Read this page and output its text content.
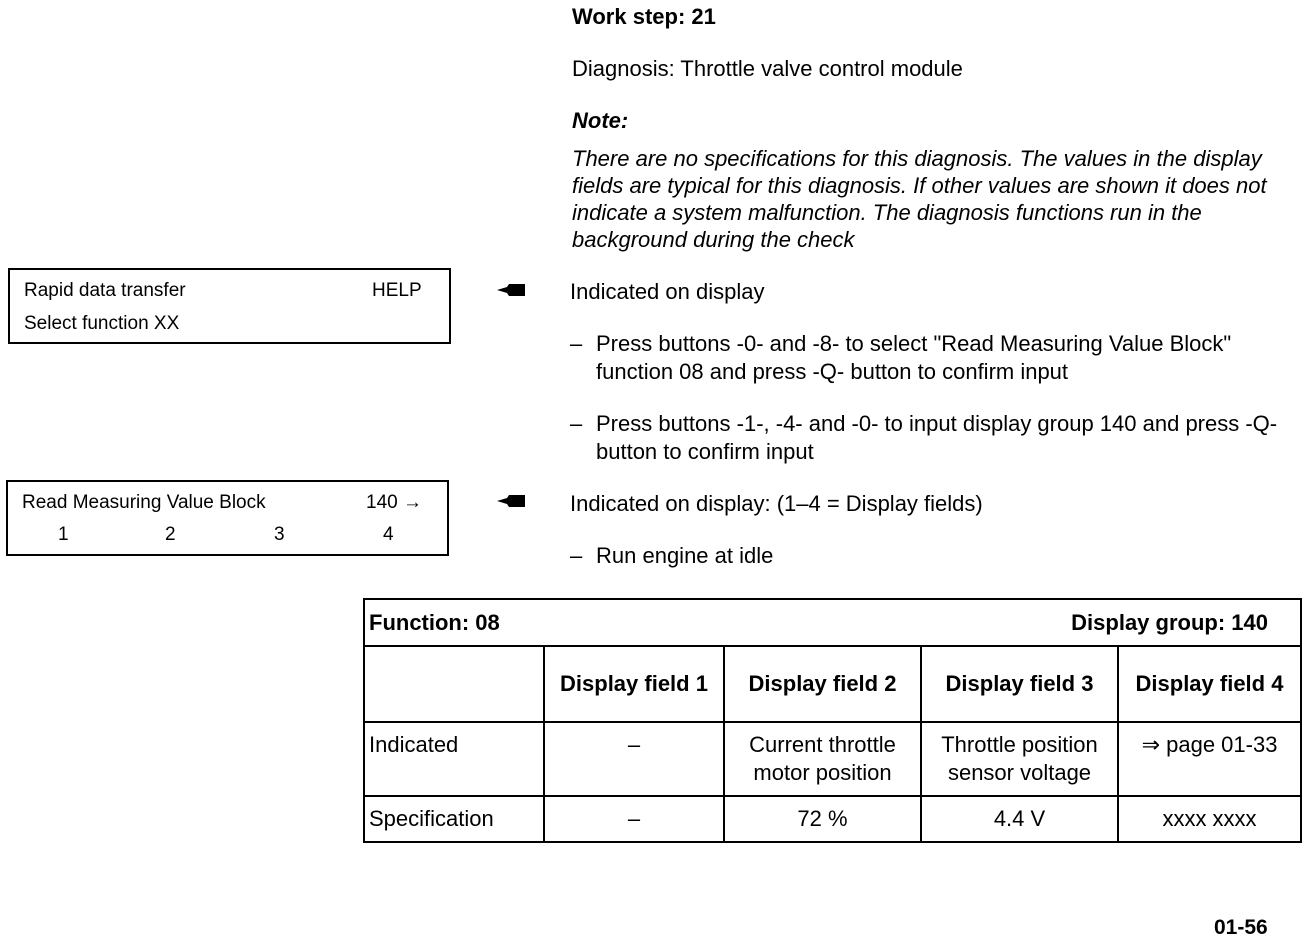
Work step: 21
Diagnosis: Throttle valve control module
Note:
There are no specifications for this diagnosis. The values in the display fields are typical for this diagnosis. If other values are shown it does not indicate a system malfunction. The diagnosis functions run in the background during the check
Rapid data transfer	HELP
Select function XX
Indicated on display
– Press buttons -0- and -8- to select "Read Measuring Value Block" function 08 and press -Q- button to confirm input
– Press buttons -1-, -4- and -0- to input display group 140 and press -Q- button to confirm input
Read Measuring Value Block	140 →
1	2	3	4
Indicated on display: (1–4 = Display fields)
– Run engine at idle
Function: 08 Display group: 140				

	Display field 1	Display field 2	Display field 3	Display field 4
Indicated	–	Current throttle motor position	Throttle position sensor voltage	⇒ page 01-33
Specification	–	72 %	4.4 V	xxxx xxxx
01-56
